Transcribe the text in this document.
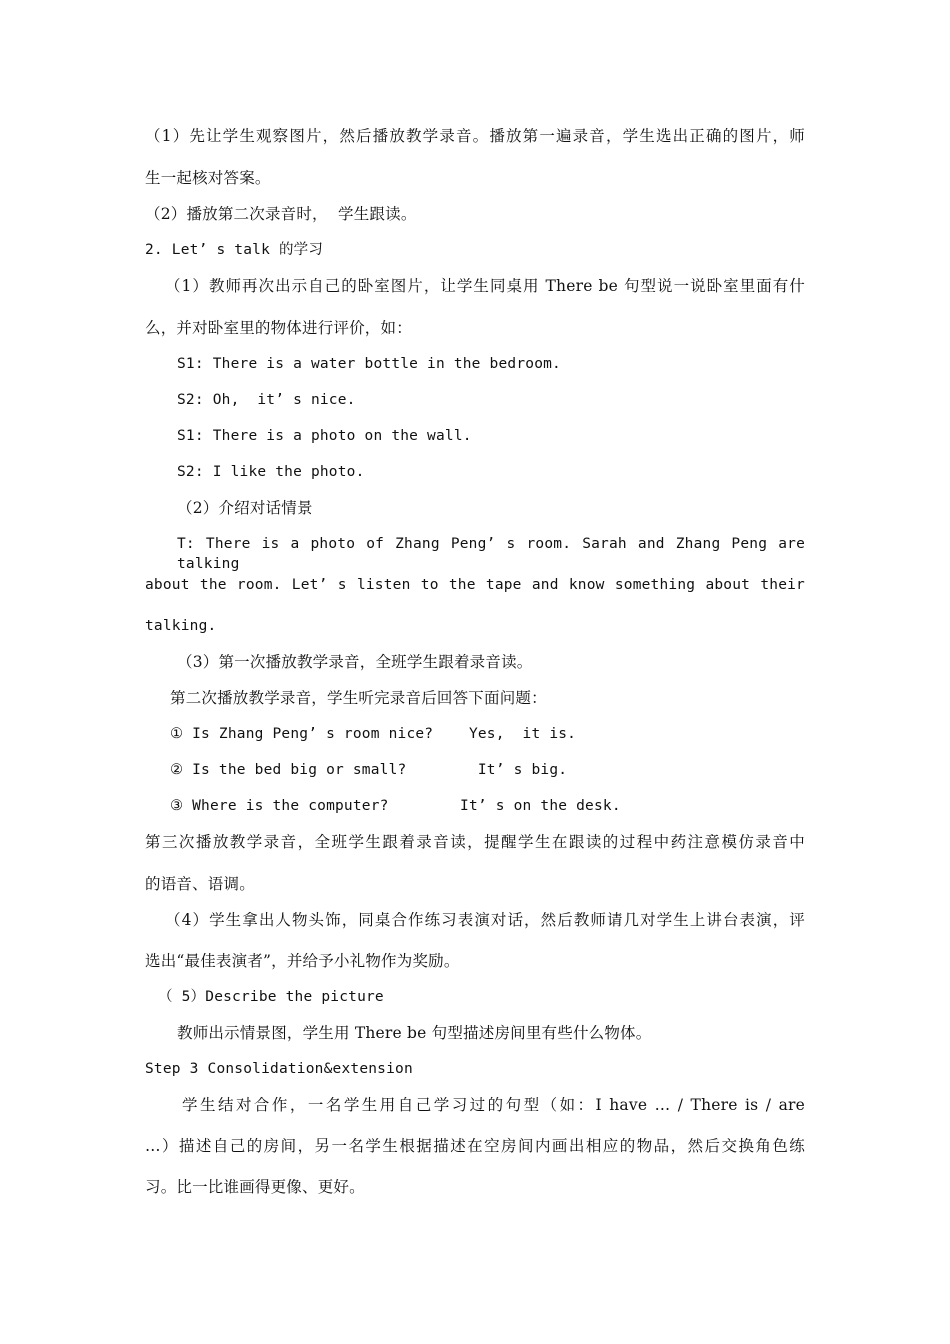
（1）先让学生观察图片，然后播放教学录音。播放第一遍录音，学生选出正确的图片，师
生一起核对答案。
（2）播放第二次录音时，  学生跟读。
2. Let’ s talk 的学习
（1）教师再次出示自己的卧室图片，让学生同桌用 There be 句型说一说卧室里面有什
么，并对卧室里的物体进行评价，如：
S1: There is a water bottle in the bedroom.
S2: Oh,  it’ s nice.
S1: There is a photo on the wall.
S2: I like the photo.
（2）介绍对话情景
T: There is a photo of Zhang Peng’ s room. Sarah and Zhang Peng are talking
about the room. Let’ s listen to the tape and know something about their
talking.
（3）第一次播放教学录音，全班学生跟着录音读。
第二次播放教学录音，学生听完录音后回答下面问题：
① Is Zhang Peng’ s room nice?    Yes,  it is.
② Is the bed big or small?        It’ s big.
③ Where is the computer?        It’ s on the desk.
第三次播放教学录音，全班学生跟着录音读，提醒学生在跟读的过程中药注意模仿录音中
的语音、语调。
（4）学生拿出人物头饰，同桌合作练习表演对话，然后教师请几对学生上讲台表演，评
选出“最佳表演者”，并给予小礼物作为奖励。
（ 5）Describe the picture
教师出示情景图，学生用 There be 句型描述房间里有些什么物体。
Step 3 Consolidation&extension
学生结对合作，一名学生用自己学习过的句型（如：I have … / There is / are
…）描述自己的房间，另一名学生根据描述在空房间内画出相应的物品，然后交换角色练
习。比一比谁画得更像、更好。
